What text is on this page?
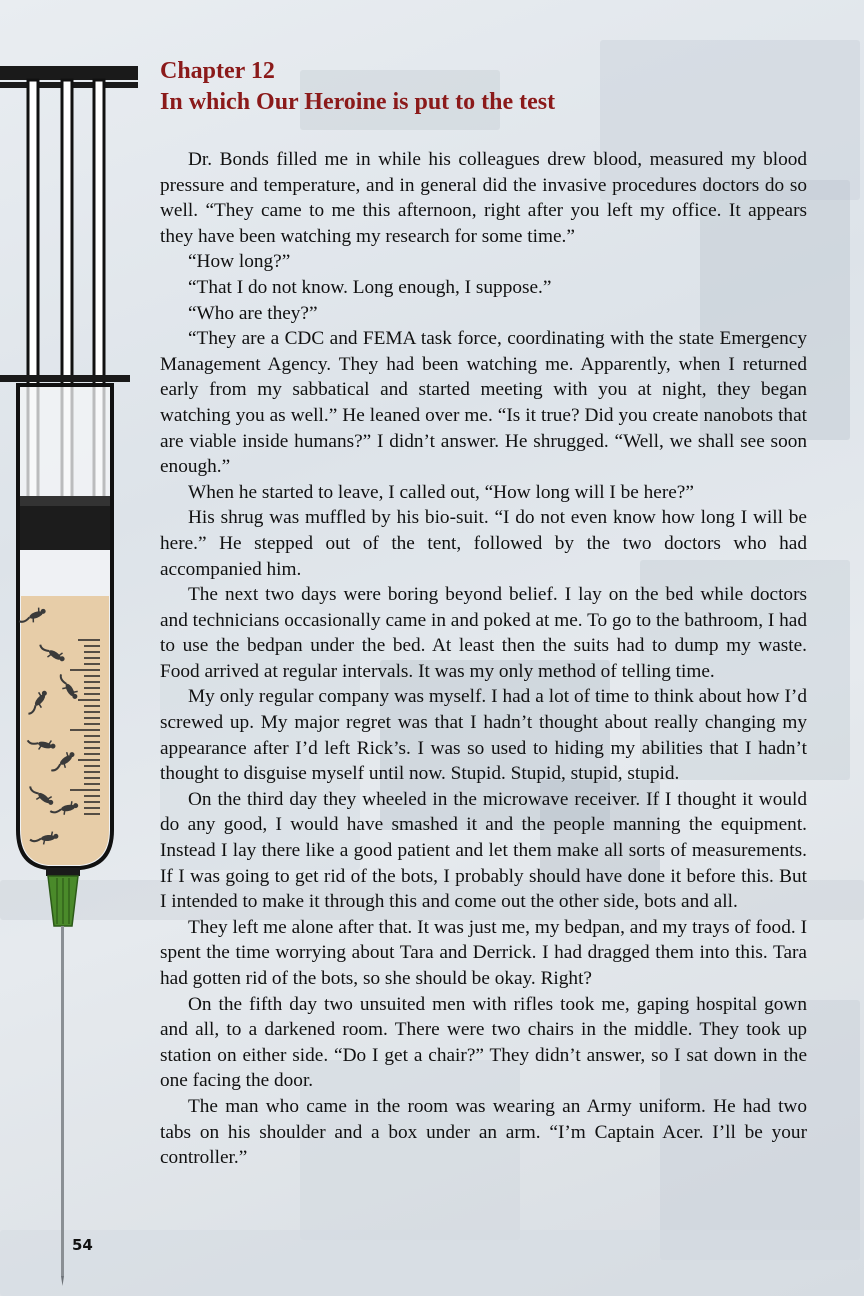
Chapter 12
In which Our Heroine is put to the test

Dr. Bonds filled me in while his colleagues drew blood, measured my blood pressure and temperature, and in general did the invasive procedures doctors do so well. “They came to me this afternoon, right after you left my office. It appears they have been watching my research for some time.”

“How long?”

“That I do not know. Long enough, I suppose.”

“Who are they?”

“They are a CDC and FEMA task force, coordinating with the state Emergency Management Agency. They had been watching me. Apparently, when I returned early from my sabbatical and started meeting with you at night, they began watching you as well.” He leaned over me. “Is it true? Did you create nanobots that are viable inside humans?” I didn’t answer. He shrugged. “Well, we shall see soon enough.”

When he started to leave, I called out, “How long will I be here?”

His shrug was muffled by his bio-suit. “I do not even know how long I will be here.” He stepped out of the tent, followed by the two doctors who had accompanied him.

The next two days were boring beyond belief. I lay on the bed while doctors and technicians occasionally came in and poked at me. To go to the bathroom, I had to use the bedpan under the bed. At least then the suits had to dump my waste. Food arrived at regular intervals. It was my only method of telling time.

My only regular company was myself. I had a lot of time to think about how I’d screwed up. My major regret was that I hadn’t thought about really changing my appearance after I’d left Rick’s. I was so used to hiding my abilities that I hadn’t thought to disguise myself until now. Stupid. Stupid, stupid, stupid.

On the third day they wheeled in the microwave receiver. If I thought it would do any good, I would have smashed it and the people manning the equipment. Instead I lay there like a good patient and let them make all sorts of measurements. If I was going to get rid of the bots, I probably should have done it before this. But I intended to make it through this and come out the other side, bots and all.

They left me alone after that. It was just me, my bedpan, and my trays of food. I spent the time worrying about Tara and Derrick. I had dragged them into this. Tara had gotten rid of the bots, so she should be okay. Right?

On the fifth day two unsuited men with rifles took me, gaping hospital gown and all, to a darkened room. There were two chairs in the middle. They took up station on either side. “Do I get a chair?” They didn’t answer, so I sat down in the one facing the door.

The man who came in the room was wearing an Army uniform. He had two tabs on his shoulder and a box under an arm. “I’m Captain Acer. I’ll be your controller.”

54
